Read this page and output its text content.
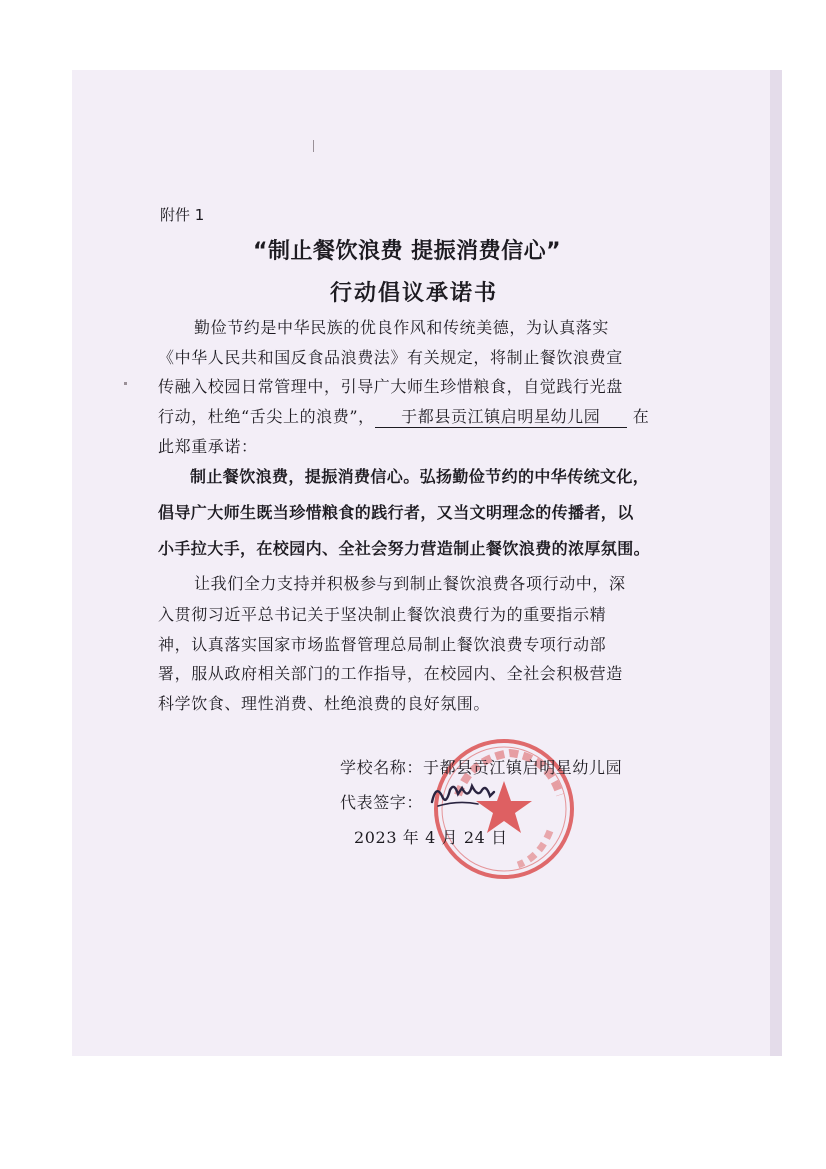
附件 1
“制止餐饮浪费 提振消费信心”
行动倡议承诺书
勤俭节约是中华民族的优良作风和传统美德，为认真落实
《中华人民共和国反食品浪费法》有关规定，将制止餐饮浪费宣
传融入校园日常管理中，引导广大师生珍惜粮食，自觉践行光盘
行动，杜绝“舌尖上的浪费”， 于都县贡江镇启明星幼儿园 在
此郑重承诺：
制止餐饮浪费，提振消费信心。弘扬勤俭节约的中华传统文化，
倡导广大师生既当珍惜粮食的践行者，又当文明理念的传播者，以
小手拉大手，在校园内、全社会努力营造制止餐饮浪费的浓厚氛围。
让我们全力支持并积极参与到制止餐饮浪费各项行动中，深
入贯彻习近平总书记关于坚决制止餐饮浪费行为的重要指示精
神，认真落实国家市场监督管理总局制止餐饮浪费专项行动部
署，服从政府相关部门的工作指导，在校园内、全社会积极营造
科学饮食、理性消费、杜绝浪费的良好氛围。
学校名称：于都县贡江镇启明星幼儿园
代表签字：
2023 年 4 月 24 日
